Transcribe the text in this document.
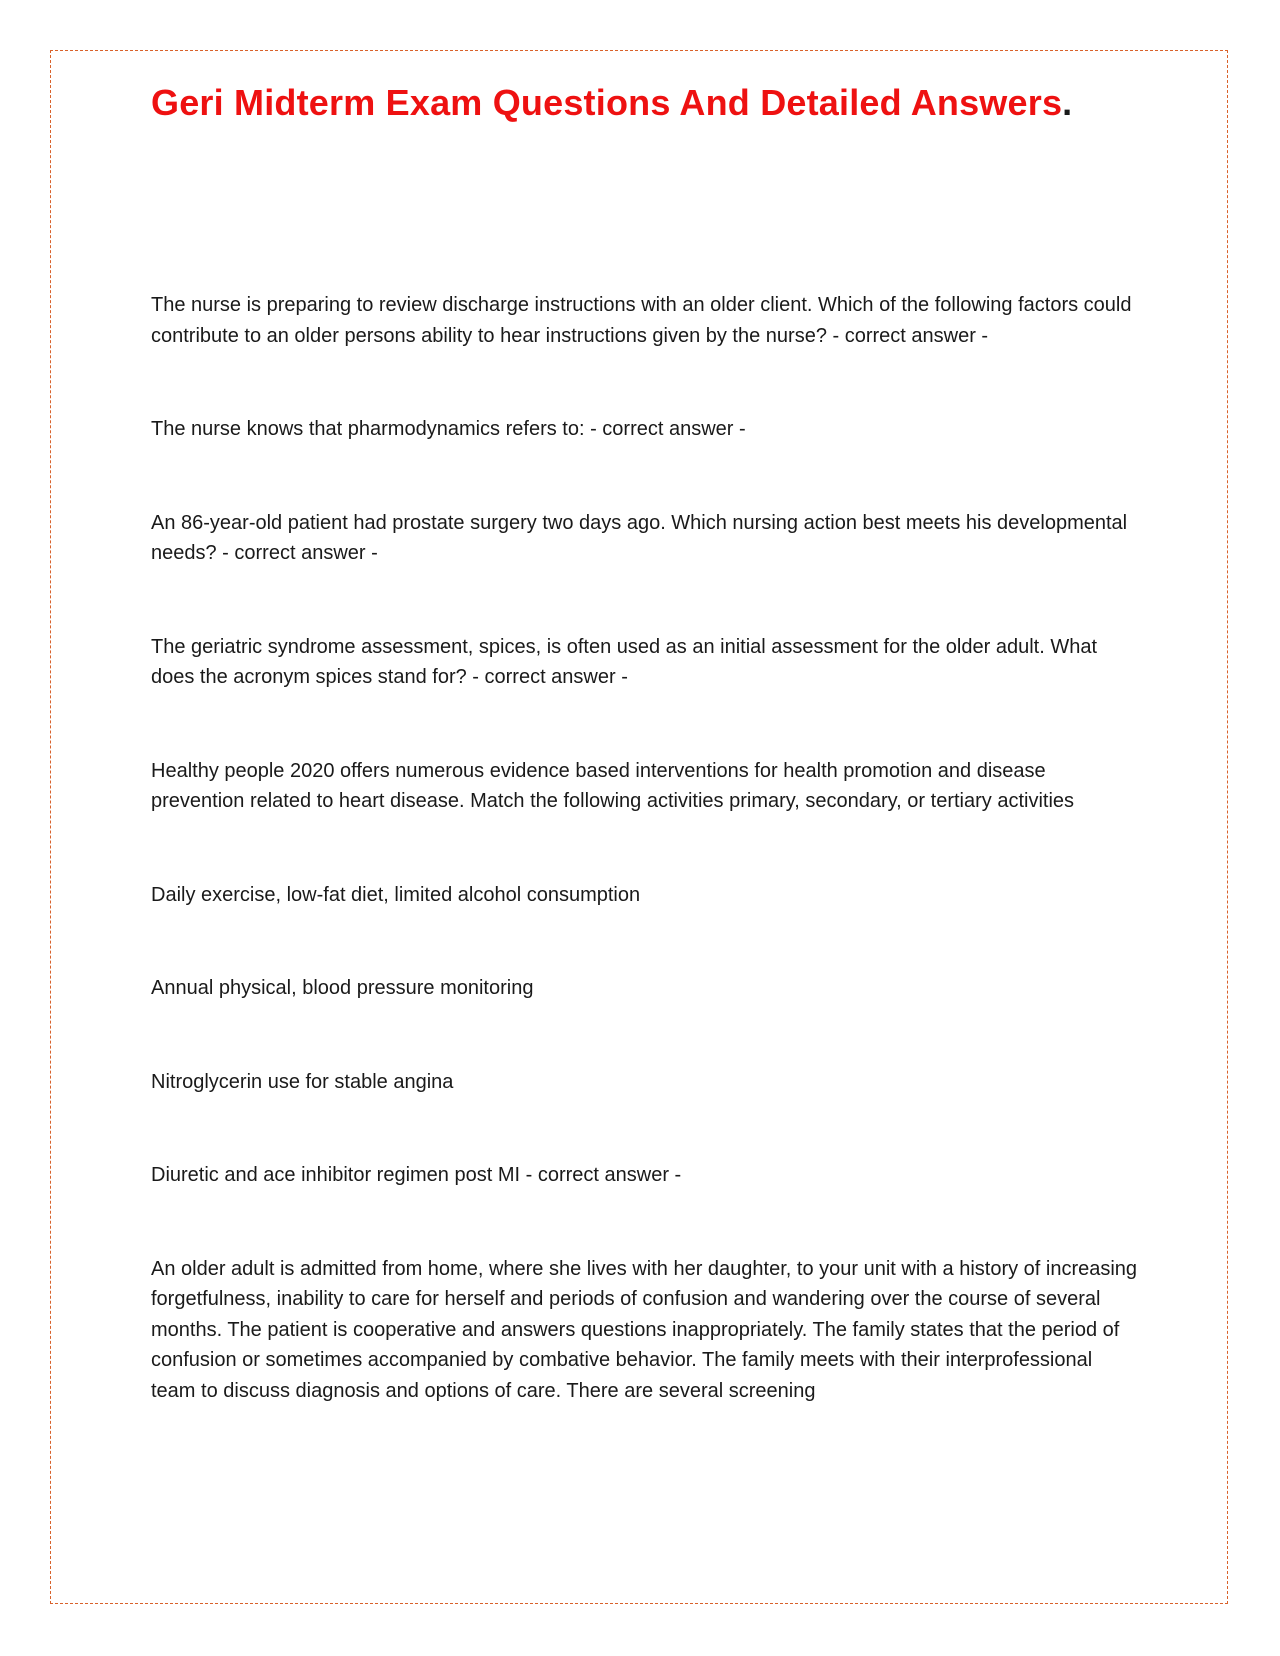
Geri Midterm Exam Questions And Detailed Answers.

The nurse is preparing to review discharge instructions with an older client. Which of the following factors could contribute to an older persons ability to hear instructions given by the nurse? - correct answer -

The nurse knows that pharmodynamics refers to: - correct answer -

An 86-year-old patient had prostate surgery two days ago. Which nursing action best meets his developmental needs? - correct answer -

The geriatric syndrome assessment, spices, is often used as an initial assessment for the older adult. What does the acronym spices stand for? - correct answer -

Healthy people 2020 offers numerous evidence based interventions for health promotion and disease prevention related to heart disease. Match the following activities primary, secondary, or tertiary activities

Daily exercise, low-fat diet, limited alcohol consumption

Annual physical, blood pressure monitoring

Nitroglycerin use for stable angina

Diuretic and ace inhibitor regimen post MI - correct answer -

An older adult is admitted from home, where she lives with her daughter, to your unit with a history of increasing forgetfulness, inability to care for herself and periods of confusion and wandering over the course of several months. The patient is cooperative and answers questions inappropriately. The family states that the period of confusion or sometimes accompanied by combative behavior. The family meets with their interprofessional team to discuss diagnosis and options of care. There are several screening
